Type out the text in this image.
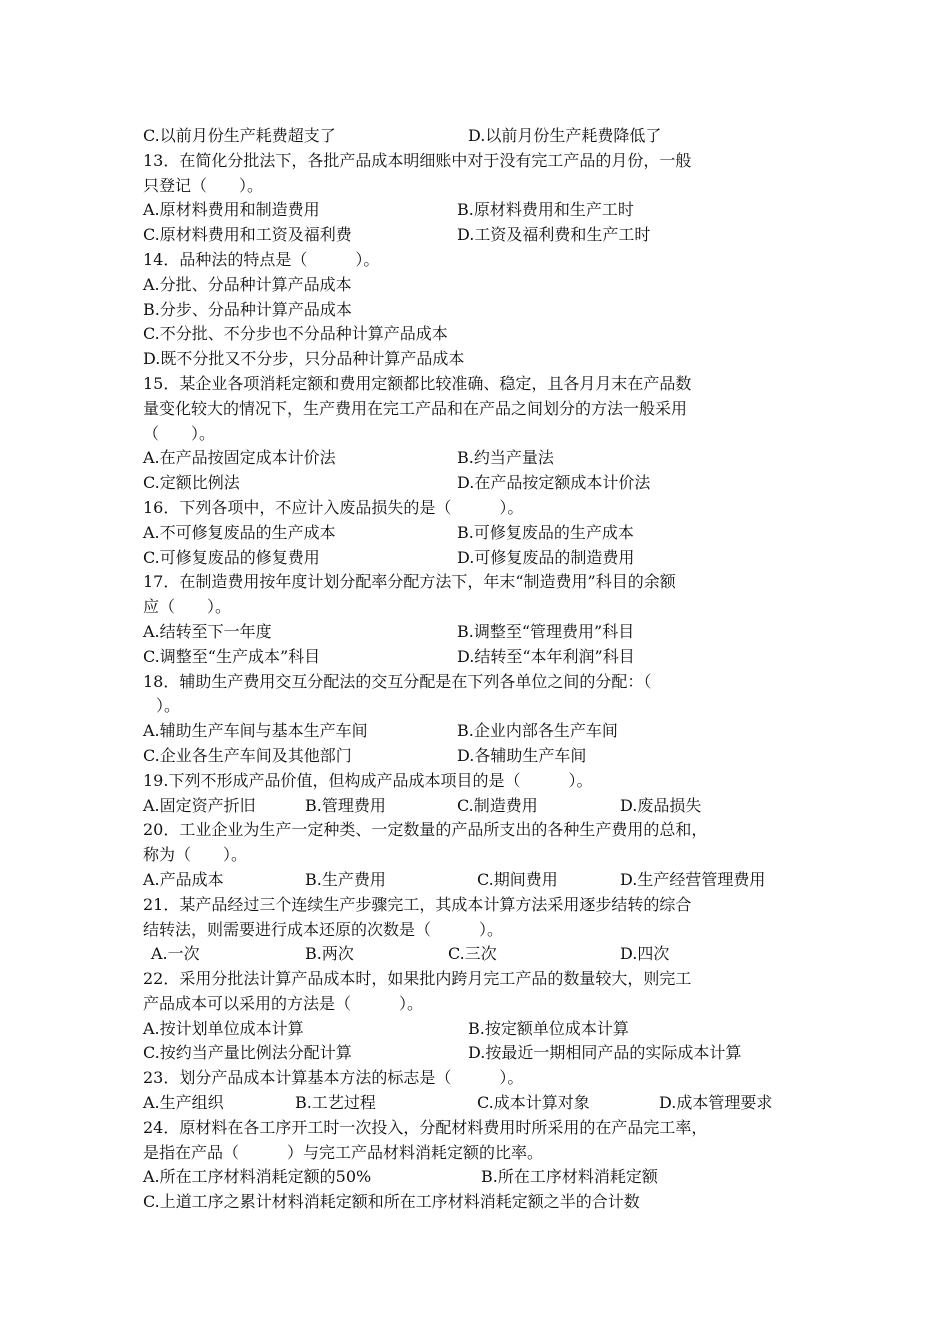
C.以前月份生产耗费超支了	D.以前月份生产耗费降低了
13．在简化分批法下，各批产品成本明细账中对于没有完工产品的月份，一般
只登记（　　）。
A.原材料费用和制造费用	B.原材料费用和生产工时
C.原材料费用和工资及福利费	D.工资及福利费和生产工时
14．品种法的特点是（　　　）。
A.分批、分品种计算产品成本
B.分步、分品种计算产品成本
C.不分批、不分步也不分品种计算产品成本
D.既不分批又不分步，只分品种计算产品成本
15．某企业各项消耗定额和费用定额都比较准确、稳定，且各月月末在产品数
量变化较大的情况下，生产费用在完工产品和在产品之间划分的方法一般采用
（　　）。
A.在产品按固定成本计价法	B.约当产量法
C.定额比例法	D.在产品按定额成本计价法
16．下列各项中，不应计入废品损失的是（　　　）。
A.不可修复废品的生产成本	B.可修复废品的生产成本
C.可修复废品的修复费用	D.可修复废品的制造费用
17．在制造费用按年度计划分配率分配方法下，年末“制造费用”科目的余额
应（　　）。
A.结转至下一年度	B.调整至“管理费用”科目
C.调整至“生产成本”科目	D.结转至“本年利润”科目
18．辅助生产费用交互分配法的交互分配是在下列各单位之间的分配：（
）。
A.辅助生产车间与基本生产车间	B.企业内部各生产车间
C.企业各生产车间及其他部门	D.各辅助生产车间
19.下列不形成产品价值，但构成产品成本项目的是（　　　）。
A.固定资产折旧	B.管理费用	C.制造费用	D.废品损失
20．工业企业为生产一定种类、一定数量的产品所支出的各种生产费用的总和，
称为（　　）。
A.产品成本	B.生产费用	C.期间费用	D.生产经营管理费用
21．某产品经过三个连续生产步骤完工，其成本计算方法采用逐步结转的综合
结转法，则需要进行成本还原的次数是（　　　）。
A.一次	B.两次	C.三次	D.四次
22．采用分批法计算产品成本时，如果批内跨月完工产品的数量较大，则完工
产品成本可以采用的方法是（　　　）。
A.按计划单位成本计算	B.按定额单位成本计算
C.按约当产量比例法分配计算	D.按最近一期相同产品的实际成本计算
23．划分产品成本计算基本方法的标志是（　　　）。
A.生产组织	B.工艺过程	C.成本计算对象	D.成本管理要求
24．原材料在各工序开工时一次投入，分配材料费用时所采用的在产品完工率，
是指在产品（　　　）与完工产品材料消耗定额的比率。
A.所在工序材料消耗定额的50%	B.所在工序材料消耗定额
C.上道工序之累计材料消耗定额和所在工序材料消耗定额之半的合计数
